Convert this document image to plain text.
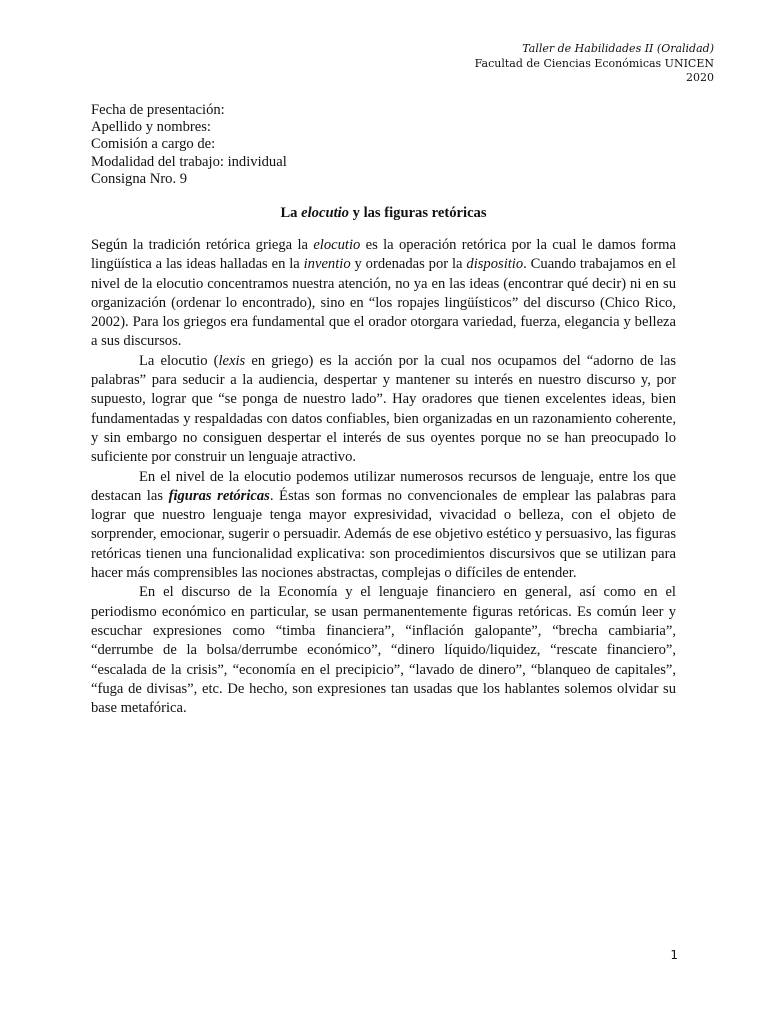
Taller de Habilidades II (Oralidad)
Facultad de Ciencias Económicas UNICEN
2020
Fecha de presentación:
Apellido y nombres:
Comisión a cargo de:
Modalidad del trabajo: individual
Consigna Nro. 9
La elocutio y las figuras retóricas

Según la tradición retórica griega la elocutio es la operación retórica por la cual le damos forma lingüística a las ideas halladas en la inventio y ordenadas por la dispositio. Cuando trabajamos en el nivel de la elocutio concentramos nuestra atención, no ya en las ideas (encontrar qué decir) ni en su organización (ordenar lo encontrado), sino en “los ropajes lingüísticos” del discurso (Chico Rico, 2002). Para los griegos era fundamental que el orador otorgara variedad, fuerza, elegancia y belleza a sus discursos.

La elocutio (lexis en griego) es la acción por la cual nos ocupamos del “adorno de las palabras” para seducir a la audiencia, despertar y mantener su interés en nuestro discurso y, por supuesto, lograr que “se ponga de nuestro lado”. Hay oradores que tienen excelentes ideas, bien fundamentadas y respaldadas con datos confiables, bien organizadas en un razonamiento coherente, y sin embargo no consiguen despertar el interés de sus oyentes porque no se han preocupado lo suficiente por construir un lenguaje atractivo.

En el nivel de la elocutio podemos utilizar numerosos recursos de lenguaje, entre los que destacan las figuras retóricas. Éstas son formas no convencionales de emplear las palabras para lograr que nuestro lenguaje tenga mayor expresividad, vivacidad o belleza, con el objeto de sorprender, emocionar, sugerir o persuadir. Además de ese objetivo estético y persuasivo, las figuras retóricas tienen una funcionalidad explicativa: son procedimientos discursivos que se utilizan para hacer más comprensibles las nociones abstractas, complejas o difíciles de entender.

En el discurso de la Economía y el lenguaje financiero en general, así como en el periodismo económico en particular, se usan permanentemente figuras retóricas. Es común leer y escuchar expresiones como “timba financiera”, “inflación galopante”, “brecha cambiaria”, “derrumbe de la bolsa/derrumbe económico”, “dinero líquido/liquidez, “rescate financiero”, “escalada de la crisis”, “economía en el precipicio”, “lavado de dinero”, “blanqueo de capitales”, “fuga de divisas”, etc. De hecho, son expresiones tan usadas que los hablantes solemos olvidar su base metafórica.

1
